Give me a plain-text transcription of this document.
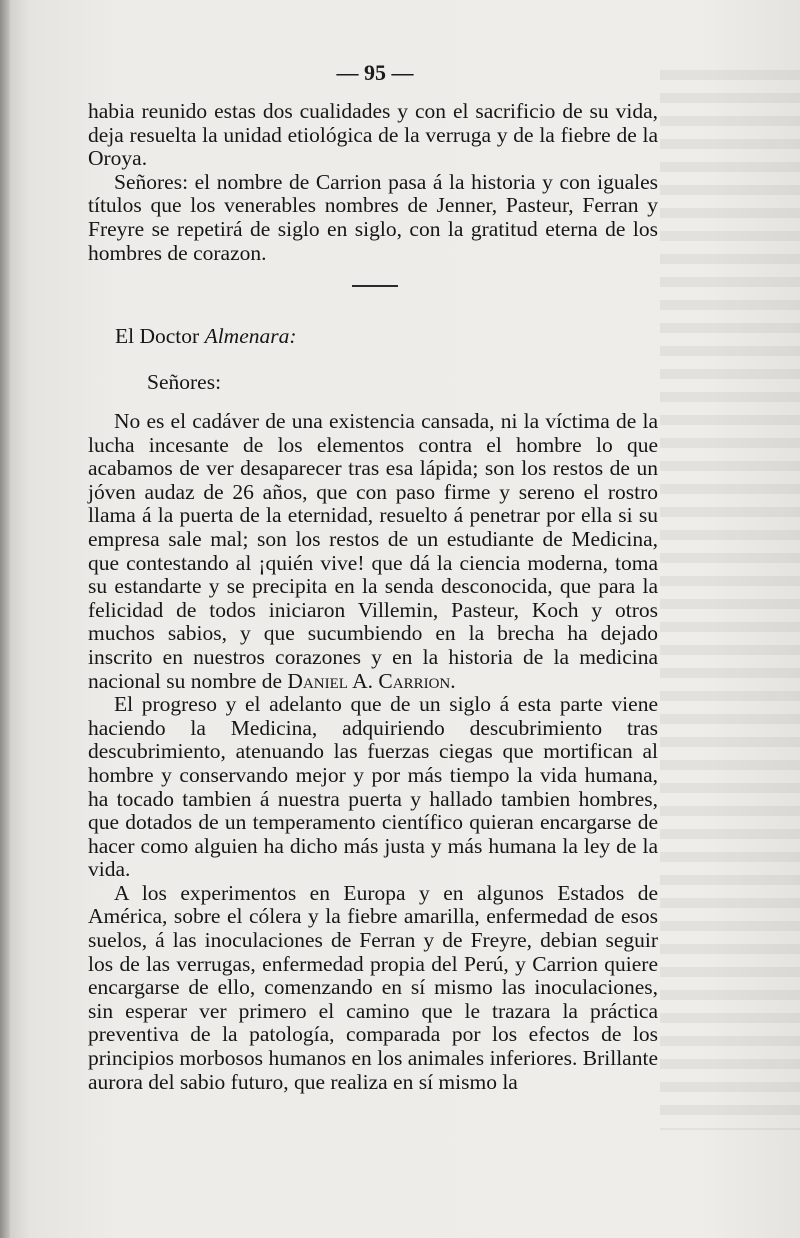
— 95 —

habia reunido estas dos cualidades y con el sacrificio de su vida, deja resuelta la unidad etiológica de la verruga y de la fiebre de la Oroya.

Señores: el nombre de Carrion pasa á la historia y con iguales títulos que los venerables nombres de Jenner, Pasteur, Ferran y Freyre se repetirá de siglo en siglo, con la gratitud eterna de los hombres de corazon.

El Doctor Almenara:
Señores:

No es el cadáver de una existencia cansada, ni la víctima de la lucha incesante de los elementos contra el hombre lo que acabamos de ver desaparecer tras esa lápida; son los restos de un jóven audaz de 26 años, que con paso firme y sereno el rostro llama á la puerta de la eternidad, resuelto á penetrar por ella si su empresa sale mal; son los restos de un estudiante de Medicina, que contestando al ¡quién vive! que dá la ciencia moderna, toma su estandarte y se precipita en la senda desconocida, que para la felicidad de todos iniciaron Villemin, Pasteur, Koch y otros muchos sabios, y que sucumbiendo en la brecha ha dejado inscrito en nuestros corazones y en la historia de la medicina nacional su nombre de Daniel A. Carrion.

El progreso y el adelanto que de un siglo á esta parte viene haciendo la Medicina, adquiriendo descubrimiento tras descubrimiento, atenuando las fuerzas ciegas que mortifican al hombre y conservando mejor y por más tiempo la vida humana, ha tocado tambien á nuestra puerta y hallado tambien hombres, que dotados de un temperamento científico quieran encargarse de hacer como alguien ha dicho más justa y más humana la ley de la vida.

A los experimentos en Europa y en algunos Estados de América, sobre el cólera y la fiebre amarilla, enfermedad de esos suelos, á las inoculaciones de Ferran y de Freyre, debian seguir los de las verrugas, enfermedad propia del Perú, y Carrion quiere encargarse de ello, comenzando en sí mismo las inoculaciones, sin esperar ver primero el camino que le trazara la práctica preventiva de la patología, comparada por los efectos de los principios morbosos humanos en los animales inferiores. Brillante aurora del sabio futuro, que realiza en sí mismo la
